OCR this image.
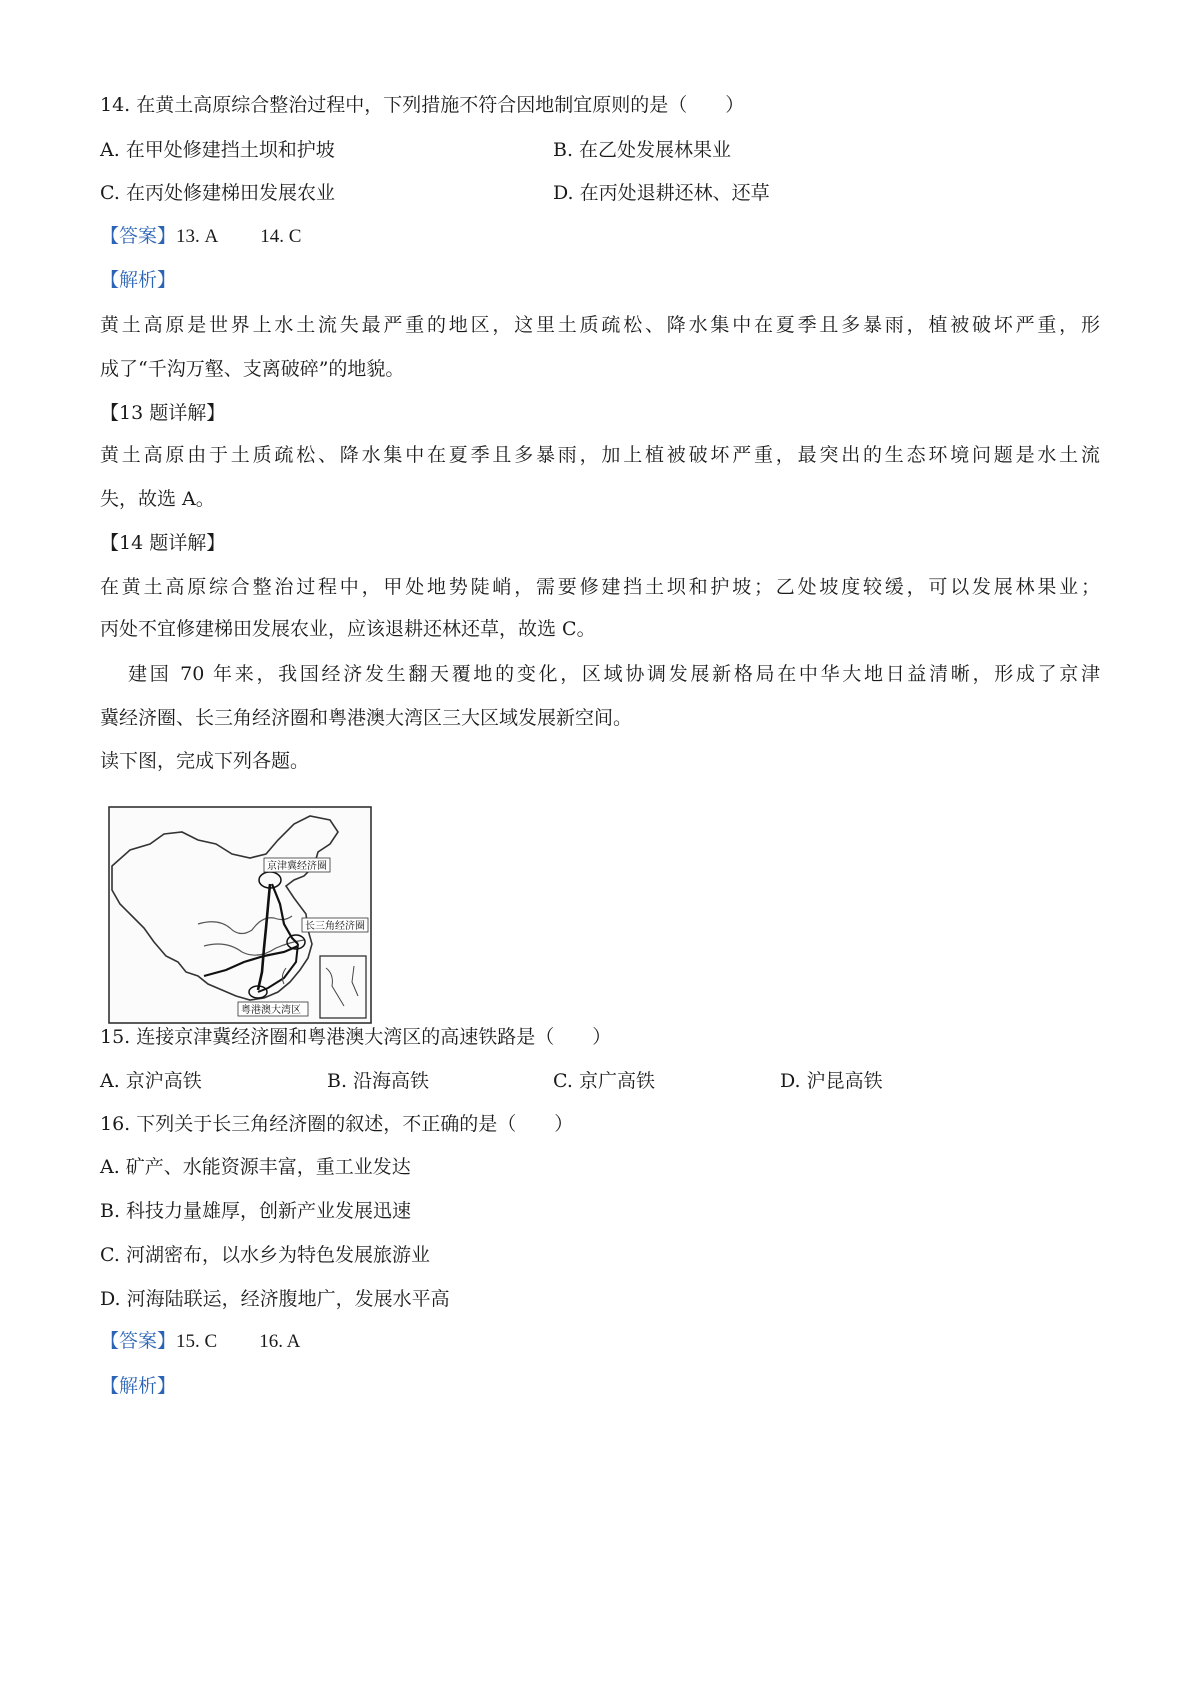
14. 在黄土高原综合整治过程中，下列措施不符合因地制宜原则的是（　　）
A. 在甲处修建挡土坝和护坡	B. 在乙处发展林果业
C. 在丙处修建梯田发展农业	D. 在丙处退耕还林、还草
【答案】13. A 14. C
【解析】
黄土高原是世界上水土流失最严重的地区，这里土质疏松、降水集中在夏季且多暴雨，植被破坏严重，形
成了“千沟万壑、支离破碎”的地貌。
【13 题详解】
黄土高原由于土质疏松、降水集中在夏季且多暴雨，加上植被破坏严重，最突出的生态环境问题是水土流
失，故选 A。
【14 题详解】
在黄土高原综合整治过程中，甲处地势陡峭，需要修建挡土坝和护坡；乙处坡度较缓，可以发展林果业；
丙处不宜修建梯田发展农业，应该退耕还林还草，故选 C。
建国 70 年来，我国经济发生翻天覆地的变化，区域协调发展新格局在中华大地日益清晰，形成了京津
冀经济圈、长三角经济圈和粤港澳大湾区三大区域发展新空间。
读下图，完成下列各题。
京津冀经济圈
长三角经济圈
粤港澳大湾区
15. 连接京津冀经济圈和粤港澳大湾区的高速铁路是（　　）
A. 京沪高铁	B. 沿海高铁	C. 京广高铁	D. 沪昆高铁
16. 下列关于长三角经济圈的叙述，不正确的是（　　）
A. 矿产、水能资源丰富，重工业发达
B. 科技力量雄厚，创新产业发展迅速
C. 河湖密布，以水乡为特色发展旅游业
D. 河海陆联运，经济腹地广，发展水平高
【答案】15. C 16. A
【解析】
